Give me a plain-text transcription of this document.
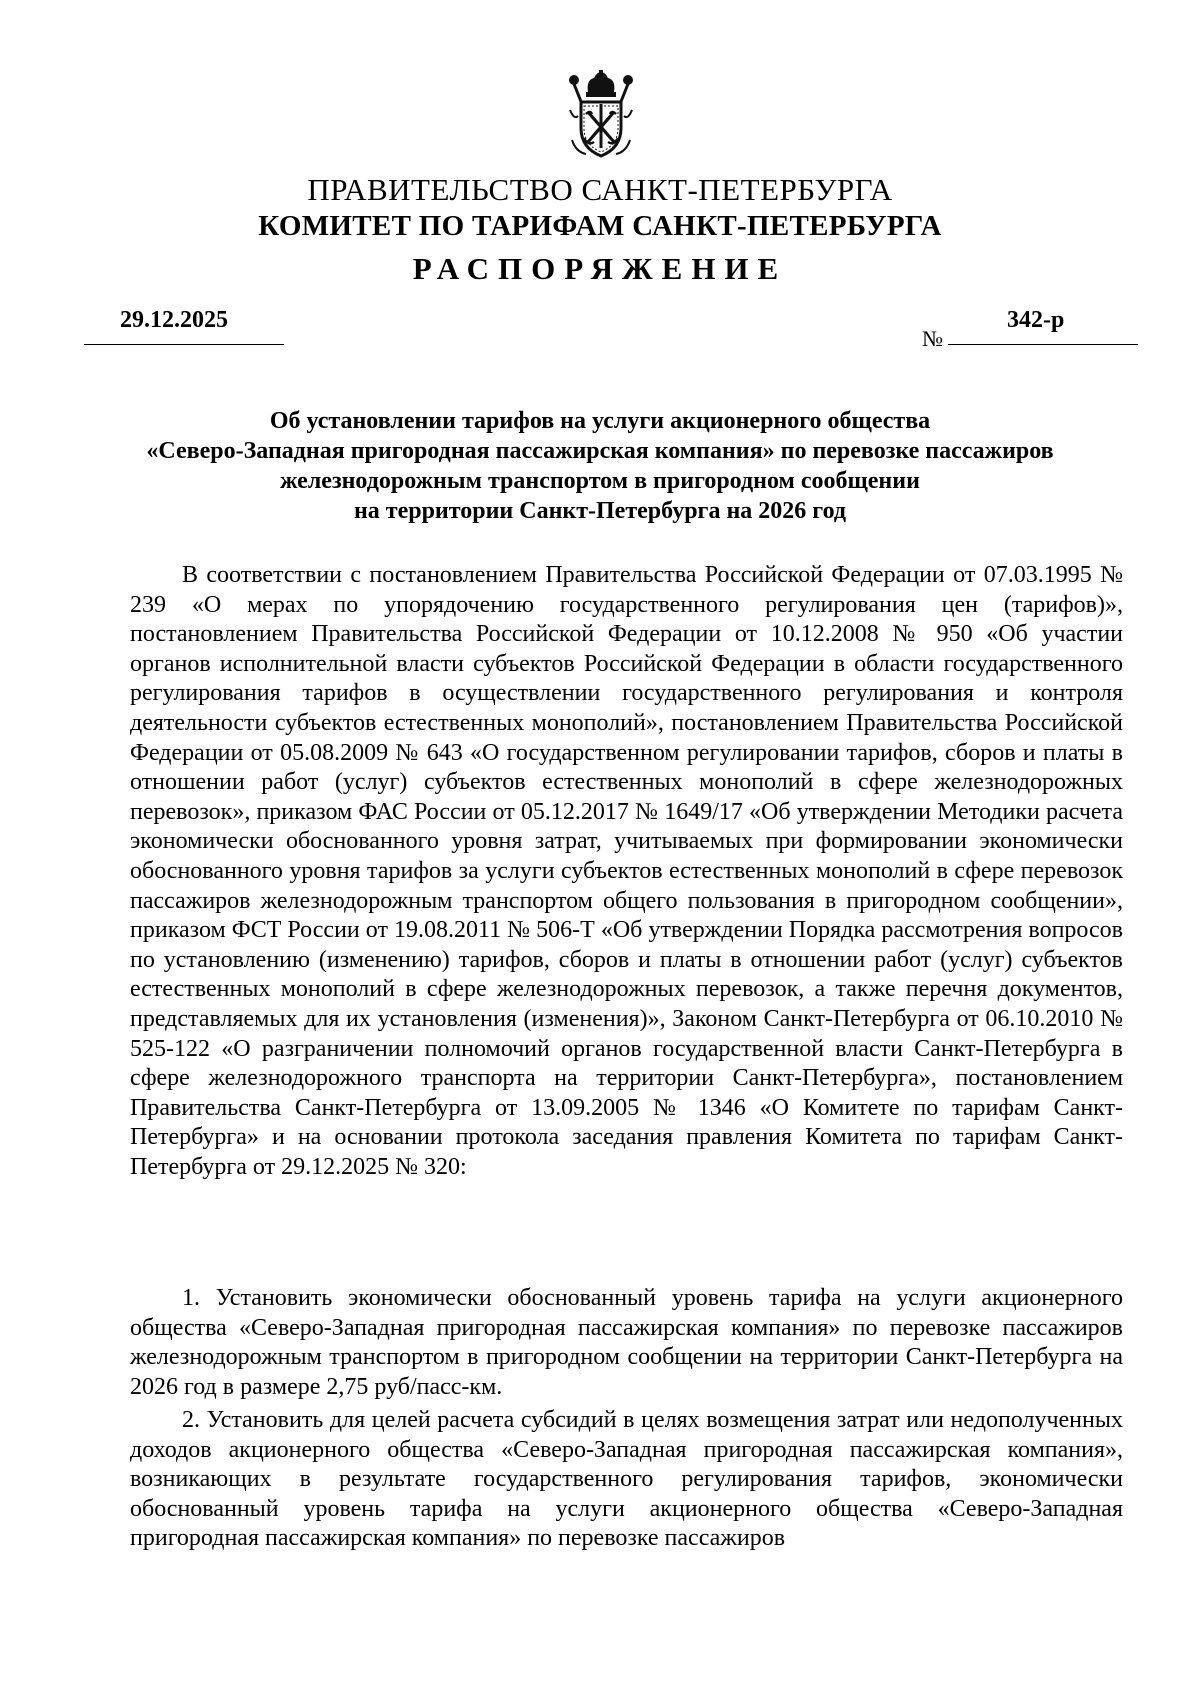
ПРАВИТЕЛЬСТВО САНКТ-ПЕТЕРБУРГА
КОМИТЕТ ПО ТАРИФАМ САНКТ-ПЕТЕРБУРГА
РАСПОРЯЖЕНИЕ
29.12.2025
№
342-р
Об установлении тарифов на услуги акционерного общества
«Северо-Западная пригородная пассажирская компания» по перевозке пассажиров
железнодорожным транспортом в пригородном сообщении
на территории Санкт-Петербурга на 2026 год

В соответствии с постановлением Правительства Российской Федерации от 07.03.1995 № 239 «О мерах по упорядочению государственного регулирования цен (тарифов)», постановлением Правительства Российской Федерации от 10.12.2008 № 950 «Об участии органов исполнительной власти субъектов Российской Федерации в области государственного регулирования тарифов в осуществлении государственного регулирования и контроля деятельности субъектов естественных монополий», постановлением Правительства Российской Федерации от 05.08.2009 № 643 «О государственном регулировании тарифов, сборов и платы в отношении работ (услуг) субъектов естественных монополий в сфере железнодорожных перевозок», приказом ФАС России от 05.12.2017 № 1649/17 «Об утверждении Методики расчета экономически обоснованного уровня затрат, учитываемых при формировании экономически обоснованного уровня тарифов за услуги субъектов естественных монополий в сфере перевозок пассажиров железнодорожным транспортом общего пользования в пригородном сообщении», приказом ФСТ России от 19.08.2011 № 506-Т «Об утверждении Порядка рассмотрения вопросов по установлению (изменению) тарифов, сборов и платы в отношении работ (услуг) субъектов естественных монополий в сфере железнодорожных перевозок, а также перечня документов, представляемых для их установления (изменения)», Законом Санкт-Петербурга от 06.10.2010 № 525-122 «О разграничении полномочий органов государственной власти Санкт-Петербурга в сфере железнодорожного транспорта на территории Санкт-Петербурга», постановлением Правительства Санкт-Петербурга от 13.09.2005 № 1346 «О Комитете по тарифам Санкт-Петербурга» и на основании протокола заседания правления Комитета по тарифам Санкт-Петербурга от 29.12.2025 № 320:

1. Установить экономически обоснованный уровень тарифа на услуги акционерного общества «Северо-Западная пригородная пассажирская компания» по перевозке пассажиров железнодорожным транспортом в пригородном сообщении на территории Санкт-Петербурга на 2026 год в размере 2,75 руб/пасс-км.

2. Установить для целей расчета субсидий в целях возмещения затрат или недополученных доходов акционерного общества «Северо-Западная пригородная пассажирская компания», возникающих в результате государственного регулирования тарифов, экономически обоснованный уровень тарифа на услуги акционерного общества «Северо-Западная пригородная пассажирская компания» по перевозке пассажиров
